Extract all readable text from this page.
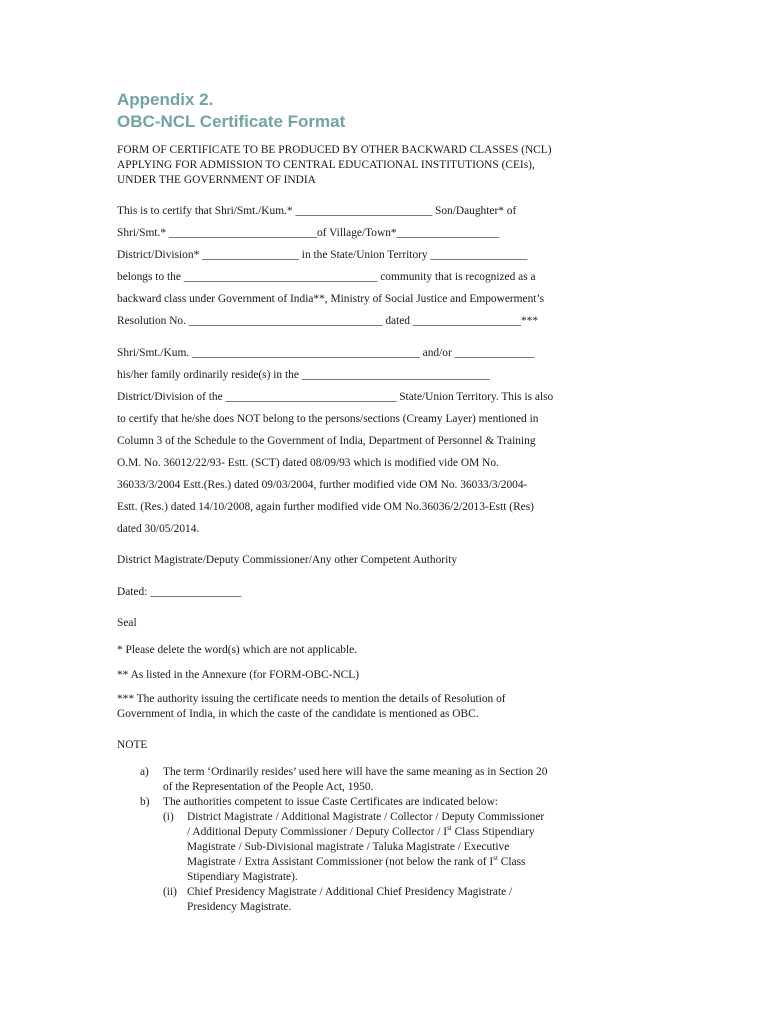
Appendix 2.
OBC-NCL Certificate Format
FORM OF CERTIFICATE TO BE PRODUCED BY OTHER BACKWARD CLASSES (NCL)
APPLYING FOR ADMISSION TO CENTRAL EDUCATIONAL INSTITUTIONS (CEIs),
UNDER THE GOVERNMENT OF INDIA
This is to certify that Shri/Smt./Kum.* ________________________ Son/Daughter* of
Shri/Smt.* __________________________of Village/Town*__________________
District/Division* _________________ in the State/Union Territory _________________
belongs to the __________________________________ community that is recognized as a
backward class under Government of India**, Ministry of Social Justice and Empowerment’s
Resolution No. __________________________________ dated ___________________***
Shri/Smt./Kum. ________________________________________ and/or ______________
his/her family ordinarily reside(s) in the _________________________________
District/Division of the ______________________________ State/Union Territory. This is also
to certify that he/she does NOT belong to the persons/sections (Creamy Layer) mentioned in
Column 3 of the Schedule to the Government of India, Department of Personnel & Training
O.M. No. 36012/22/93- Estt. (SCT) dated 08/09/93 which is modified vide OM No.
36033/3/2004 Estt.(Res.) dated 09/03/2004, further modified vide OM No. 36033/3/2004-
Estt. (Res.) dated 14/10/2008, again further modified vide OM No.36036/2/2013-Estt (Res)
dated 30/05/2014.
District Magistrate/Deputy Commissioner/Any other Competent Authority
Dated: ________________
Seal
* Please delete the word(s) which are not applicable.
** As listed in the Annexure (for FORM-OBC-NCL)
*** The authority issuing the certificate needs to mention the details of Resolution of
Government of India, in which the caste of the candidate is mentioned as OBC.
NOTE
a) The term ‘Ordinarily resides’ used here will have the same meaning as in Section 20
of the Representation of the People Act, 1950.
b) The authorities competent to issue Caste Certificates are indicated below:
(i) District Magistrate / Additional Magistrate / Collector / Deputy Commissioner
/ Additional Deputy Commissioner / Deputy Collector / Ist Class Stipendiary
Magistrate / Sub-Divisional magistrate / Taluka Magistrate / Executive
Magistrate / Extra Assistant Commissioner (not below the rank of Ist Class
Stipendiary Magistrate).
(ii) Chief Presidency Magistrate / Additional Chief Presidency Magistrate /
Presidency Magistrate.
